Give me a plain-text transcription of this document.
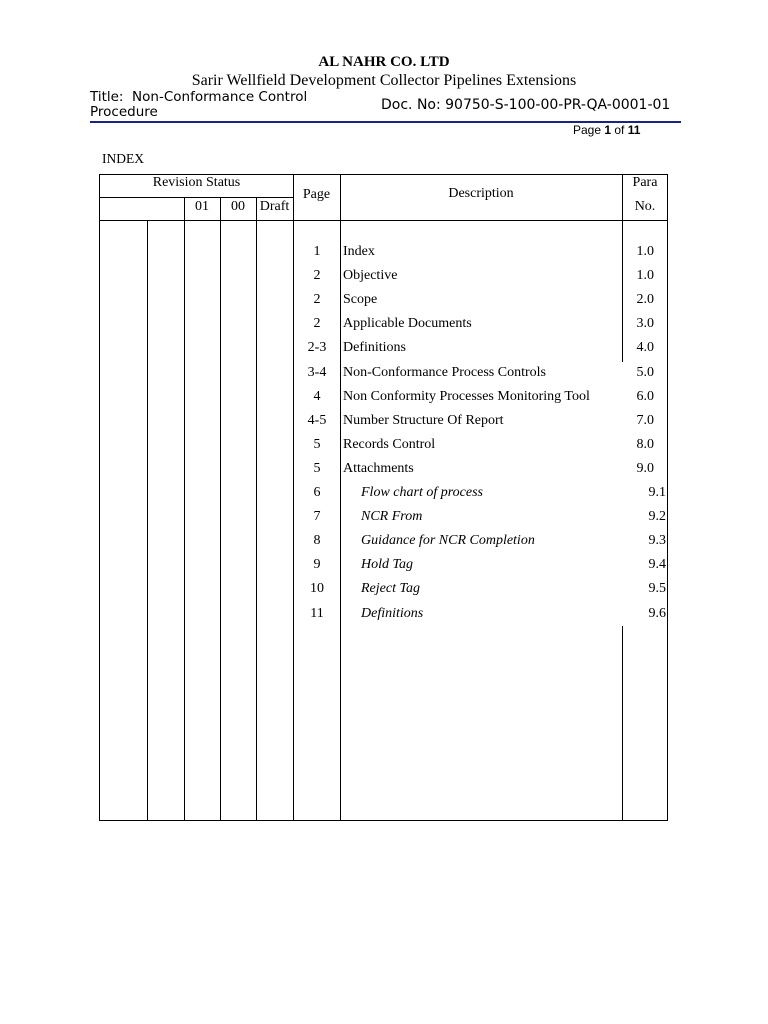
AL NAHR CO. LTD
Sarir Wellfield Development Collector Pipelines Extensions
Title:  Non-Conformance Control
Procedure	Doc. No: 90750-S-100-00-PR-QA-0001-01
Page 1 of 11
INDEX
Revision Status
01	00	Draft
Page	Description
Para
No.
1	Index	1.0
2	Objective	1.0
2	Scope	2.0
2	Applicable Documents	3.0
2-3	Definitions	4.0
3-4	Non-Conformance Process Controls	5.0
4	Non Conformity Processes Monitoring Tool	6.0
4-5	Number Structure Of Report	7.0
5	Records Control	8.0
5	Attachments	9.0
6	Flow chart of process	9.1
7	NCR From	9.2
8	Guidance for NCR Completion	9.3
9	Hold Tag	9.4
10	Reject Tag	9.5
11	Definitions	9.6
